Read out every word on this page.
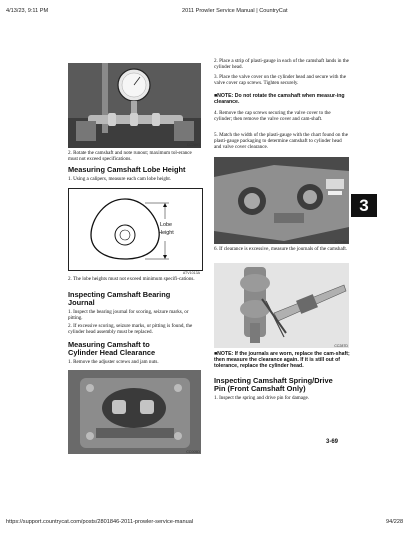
4/13/23, 9:11 PM	2011 Prowler Service Manual | CountryCat
CC2893
2. Rotate the camshaft and note runout; maximum tol-erance must not exceed specifications.
Measuring Camshaft Lobe Height
1. Using a calipers, measure each cam lobe height.
Lobe
Height
ATV1013A
2. The lobe heights must not exceed minimum specifi-cations.
Inspecting Camshaft Bearing
Journal
1. Inspect the bearing journal for scoring, seizure marks, or pitting.
2. If excessive scoring, seizure marks, or pitting is found, the cylinder head assembly must be replaced.
Measuring Camshaft to
Cylinder Head Clearance
1. Remove the adjuster screws and jam nuts.
CC005D
2. Place a strip of plasti-gauge in each of the camshaft lands in the cylinder head.
3. Place the valve cover on the cylinder head and secure with the valve cover cap screws. Tighten securely.
■NOTE: Do not rotate the camshaft when measur-ing clearance.
4. Remove the cap screws securing the valve cover to the cylinder; then remove the valve cover and cam-shaft.
5. Match the width of the plasti-gauge with the chart found on the plasti-gauge packaging to determine camshaft to cylinder head and valve cover clearance.
CC1403
6. If clearance is excessive, measure the journals of the camshaft.
CC287D
■NOTE: If the journals are worn, replace the cam-shaft; then measure the clearance again. If it is still out of tolerance, replace the cylinder head.
Inspecting Camshaft Spring/Drive
Pin (Front Camshaft Only)
1. Inspect the spring and drive pin for damage.
3
3-69
https://support.countrycat.com/posts/2801846-2011-prowler-service-manual	94/228
